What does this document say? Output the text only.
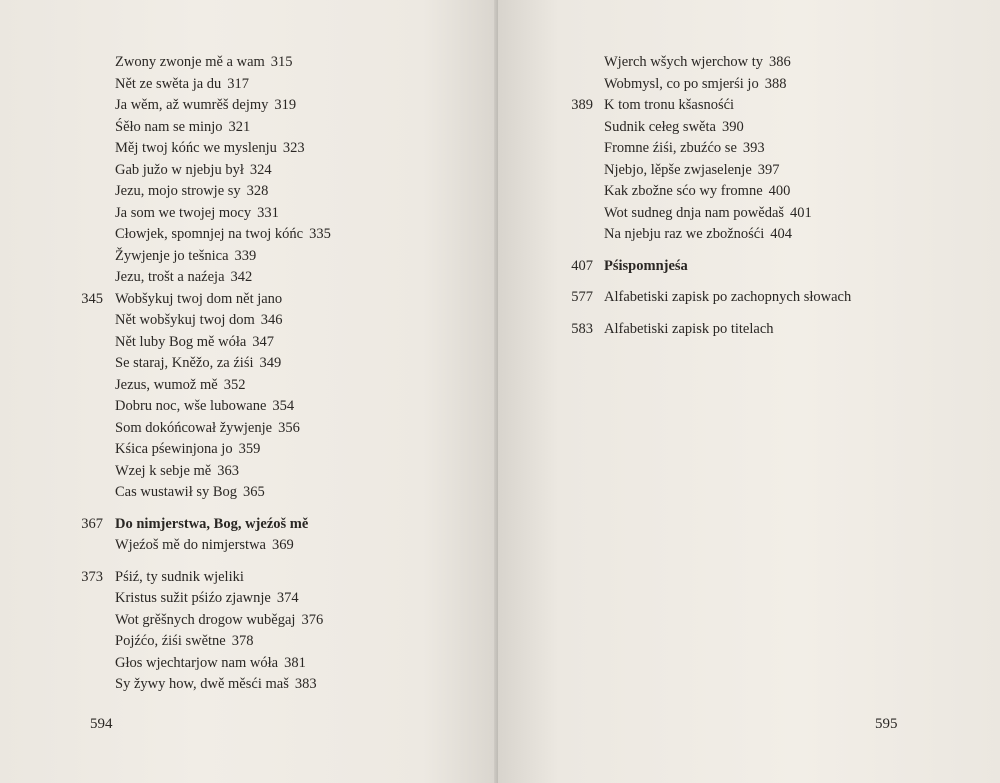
Zwony zwonje mě a wam 315
Nět ze swěta ja du 317
Ja wěm, až wumrěš dejmy 319
Śěło nam se minjo 321
Měj twoj kóńc we myslenju 323
Gab južo w njebju był 324
Jezu, mojo strowje sy 328
Ja som we twojej mocy 331
Cłowjek, spomnjej na twoj kóńc 335
Žywjenje jo tešnica 339
Jezu, trošt a naźeja 342
345 Wobšykuj twoj dom nět jano
Nět wobšykuj twoj dom 346
Nět luby Bog mě wóła 347
Se staraj, Kněžo, za źiśi 349
Jezus, wumož mě 352
Dobru noc, wše lubowane 354
Som dokóńcował žywjenje 356
Kśica pśewinjona jo 359
Wzej k sebje mě 363
Cas wustawił sy Bog 365
367 Do nimjerstwa, Bog, wjeźoš mě
Wjeźoš mě do nimjerstwa 369
373 Pśiź, ty sudnik wjeliki
Kristus sužit pśiźo zjawnje 374
Wot grěšnych drogow wuběgaj 376
Pojźćo, źiśi swětne 378
Głos wjechtarjow nam wóła 381
Sy žywy how, dwě měsći maš 383
594
Wjerch wšych wjerchow ty 386
Wobmysl, co po smjerśi jo 388
389 K tom tronu kšasnośći
Sudnik cełeg swěta 390
Fromne źiśi, zbuźćo se 393
Njebjo, lěpše zwjaselenje 397
Kak zbožne sćo wy fromne 400
Wot sudneg dnja nam powědaš 401
Na njebju raz we zbožnośći 404
407 Pśispomnjeśa
577 Alfabetiski zapisk po zachopnych słowach
583 Alfabetiski zapisk po titelach
595
